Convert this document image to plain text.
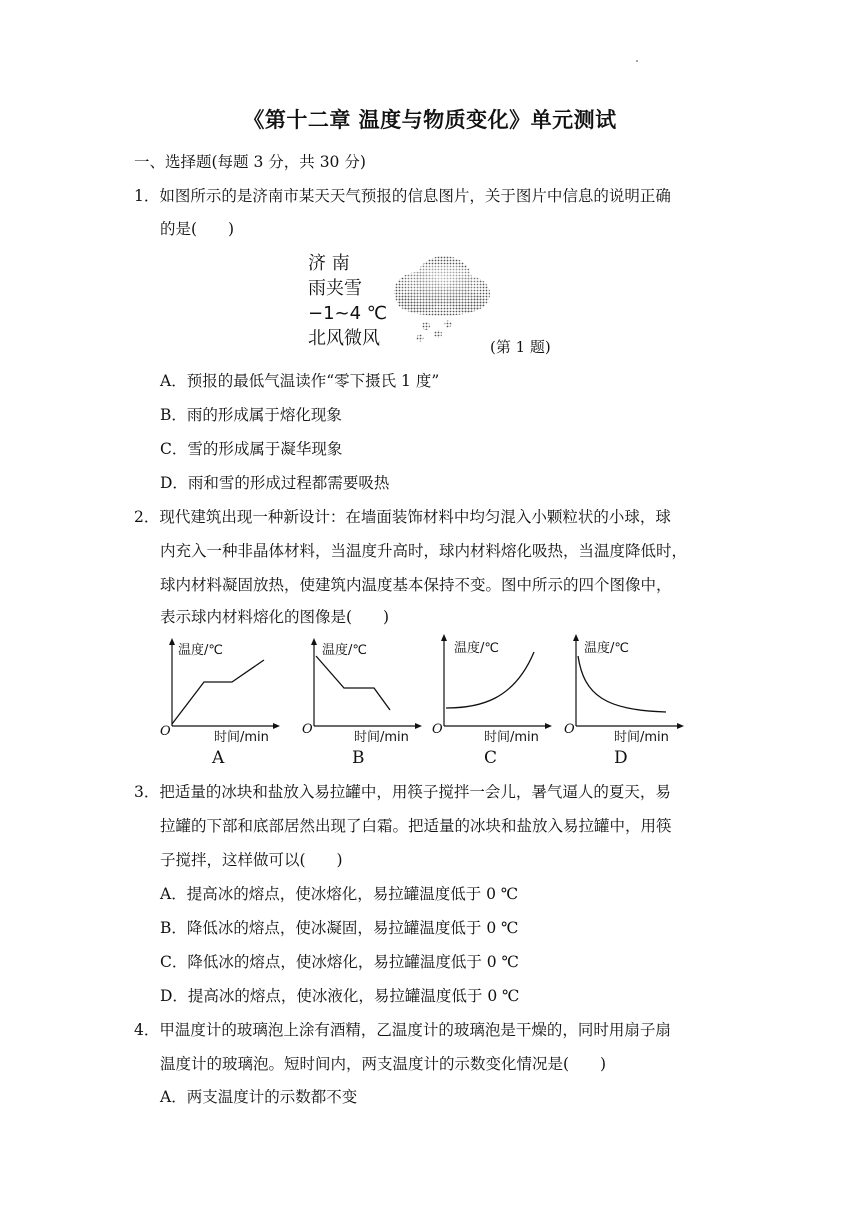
《第十二章 温度与物质变化》单元测试
一、选择题(每题 3 分，共 30 分)
1．如图所示的是济南市某天天气预报的信息图片，关于图片中信息的说明正确
的是(　　)
济 南
雨夹雪
−1~4 ℃
北风微风	(第 1 题)
A．预报的最低气温读作“零下摄氏 1 度”
B．雨的形成属于熔化现象
C．雪的形成属于凝华现象
D．雨和雪的形成过程都需要吸热
2．现代建筑出现一种新设计：在墙面装饰材料中均匀混入小颗粒状的小球，球
内充入一种非晶体材料，当温度升高时，球内材料熔化吸热，当温度降低时，
球内材料凝固放热，使建筑内温度基本保持不变。图中所示的四个图像中，
表示球内材料熔化的图像是(　　)
温度/℃
O	时间/min
A
温度/℃
O
时间/min
B
温度/℃
O
时间/min
C
温度/℃
O
时间/min
D
3．把适量的冰块和盐放入易拉罐中，用筷子搅拌一会儿，暑气逼人的夏天，易
拉罐的下部和底部居然出现了白霜。把适量的冰块和盐放入易拉罐中，用筷
子搅拌，这样做可以(　　)
A．提高冰的熔点，使冰熔化，易拉罐温度低于 0 ℃
B．降低冰的熔点，使冰凝固，易拉罐温度低于 0 ℃
C．降低冰的熔点，使冰熔化，易拉罐温度低于 0 ℃
D．提高冰的熔点，使冰液化，易拉罐温度低于 0 ℃
4．甲温度计的玻璃泡上涂有酒精，乙温度计的玻璃泡是干燥的，同时用扇子扇
温度计的玻璃泡。短时间内，两支温度计的示数变化情况是(　　)
A．两支温度计的示数都不变
